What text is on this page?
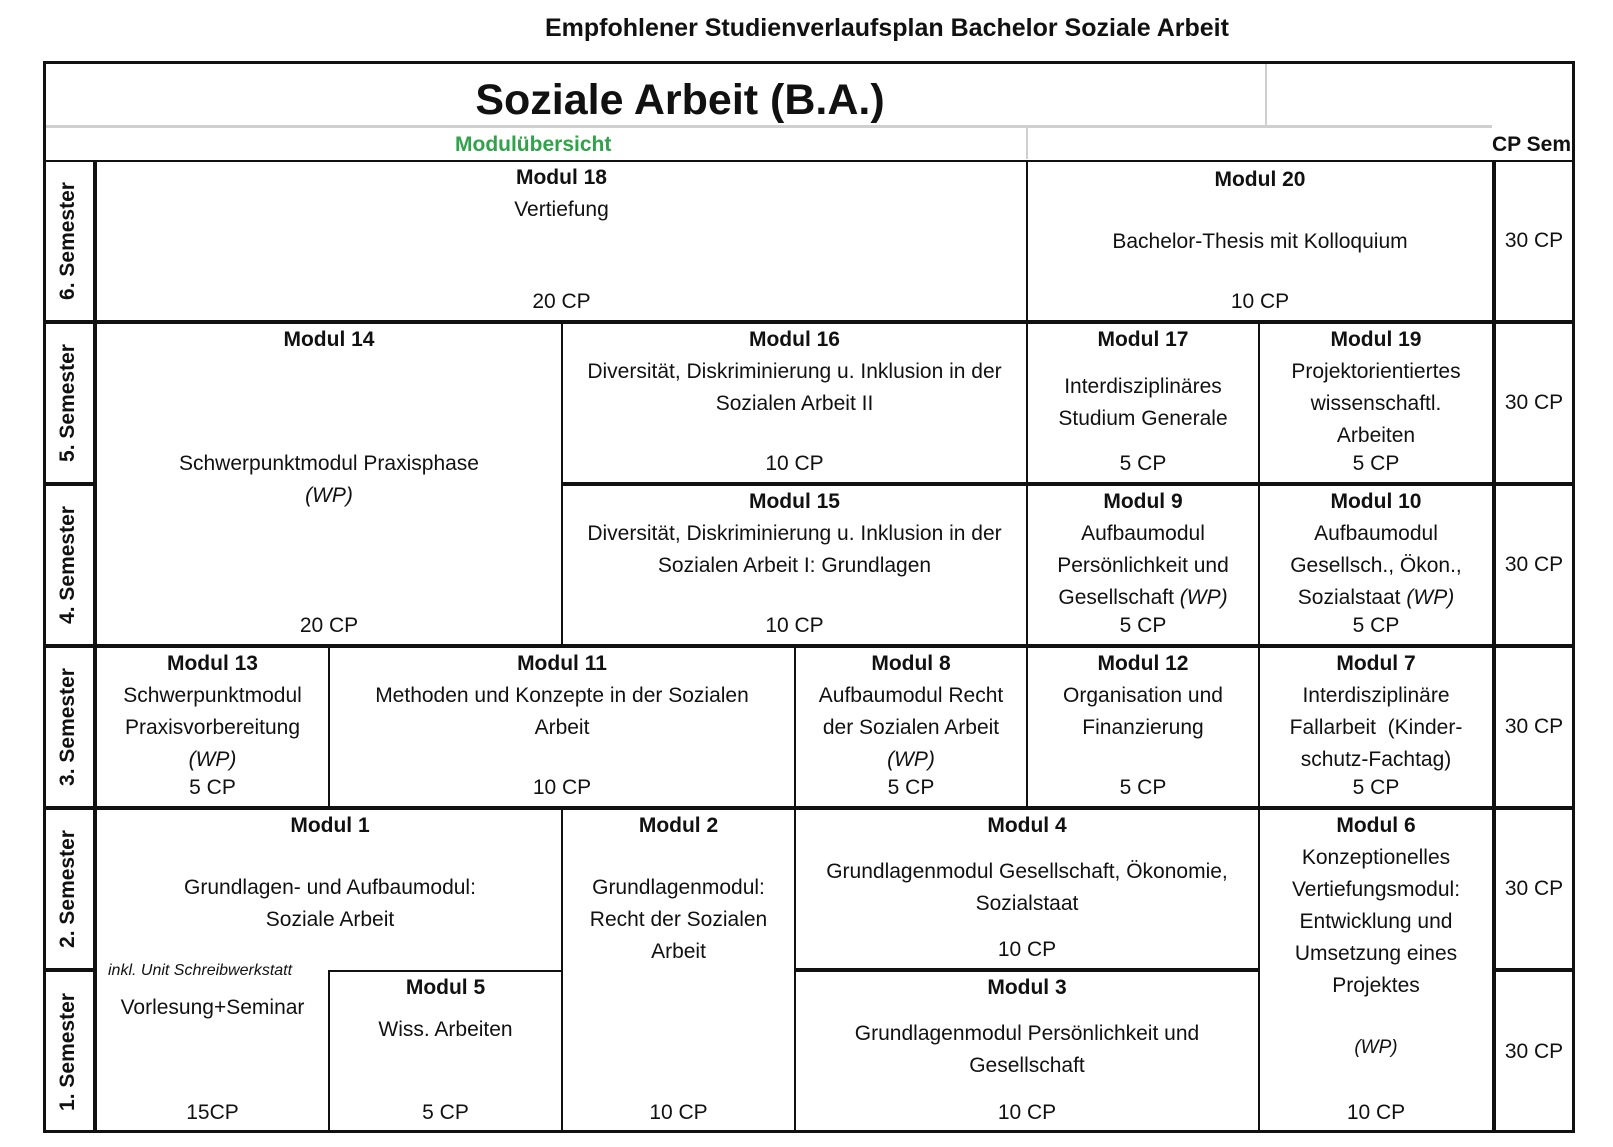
Empfohlener Studienverlaufsplan Bachelor Soziale Arbeit
Soziale Arbeit (B.A.)
Modulübersicht	CP Sem
6. Semester
5. Semester
4. Semester
3. Semester
2. Semester
1. Semester
30 CP
30 CP
30 CP
30 CP
30 CP
30 CP
Modul 18
Vertiefung
20 CP
Modul 20
Bachelor-Thesis mit Kolloquium
10 CP
Modul 14
Schwerpunktmodul Praxisphase
(WP)
20 CP
Modul 16
Diversität, Diskriminierung u. Inklusion in der
Sozialen Arbeit II
10 CP
Modul 17
Interdisziplinäres
Studium Generale
5 CP
Modul 19
Projektorientiertes
wissenschaftl.
Arbeiten
5 CP
Modul 15
Diversität, Diskriminierung u. Inklusion in der
Sozialen Arbeit I: Grundlagen
10 CP
Modul 9
Aufbaumodul
Persönlichkeit und
Gesellschaft (WP)
5 CP
Modul 10
Aufbaumodul
Gesellsch., Ökon.,
Sozialstaat (WP)
5 CP
Modul 13
Schwerpunktmodul
Praxisvorbereitung
(WP)
5 CP
Modul 11
Methoden und Konzepte in der Sozialen
Arbeit
10 CP
Modul 8
Aufbaumodul Recht
der Sozialen Arbeit
(WP)
5 CP
Modul 12
Organisation und
Finanzierung
5 CP
Modul 7
Interdisziplinäre
Fallarbeit  (Kinder-
schutz-Fachtag)
5 CP
Modul 1
Grundlagen- und Aufbaumodul:
Soziale Arbeit
inkl. Unit Schreibwerkstatt
Vorlesung+Seminar
15CP
Modul 5
Wiss. Arbeiten
5 CP
Modul 2
Grundlagenmodul:
Recht der Sozialen
Arbeit
10 CP
Modul 4
Grundlagenmodul Gesellschaft, Ökonomie,
Sozialstaat
10 CP
Modul 3
Grundlagenmodul Persönlichkeit und
Gesellschaft
10 CP
Modul 6
Konzeptionelles
Vertiefungsmodul:
Entwicklung und
Umsetzung eines
Projektes
(WP)
10 CP
